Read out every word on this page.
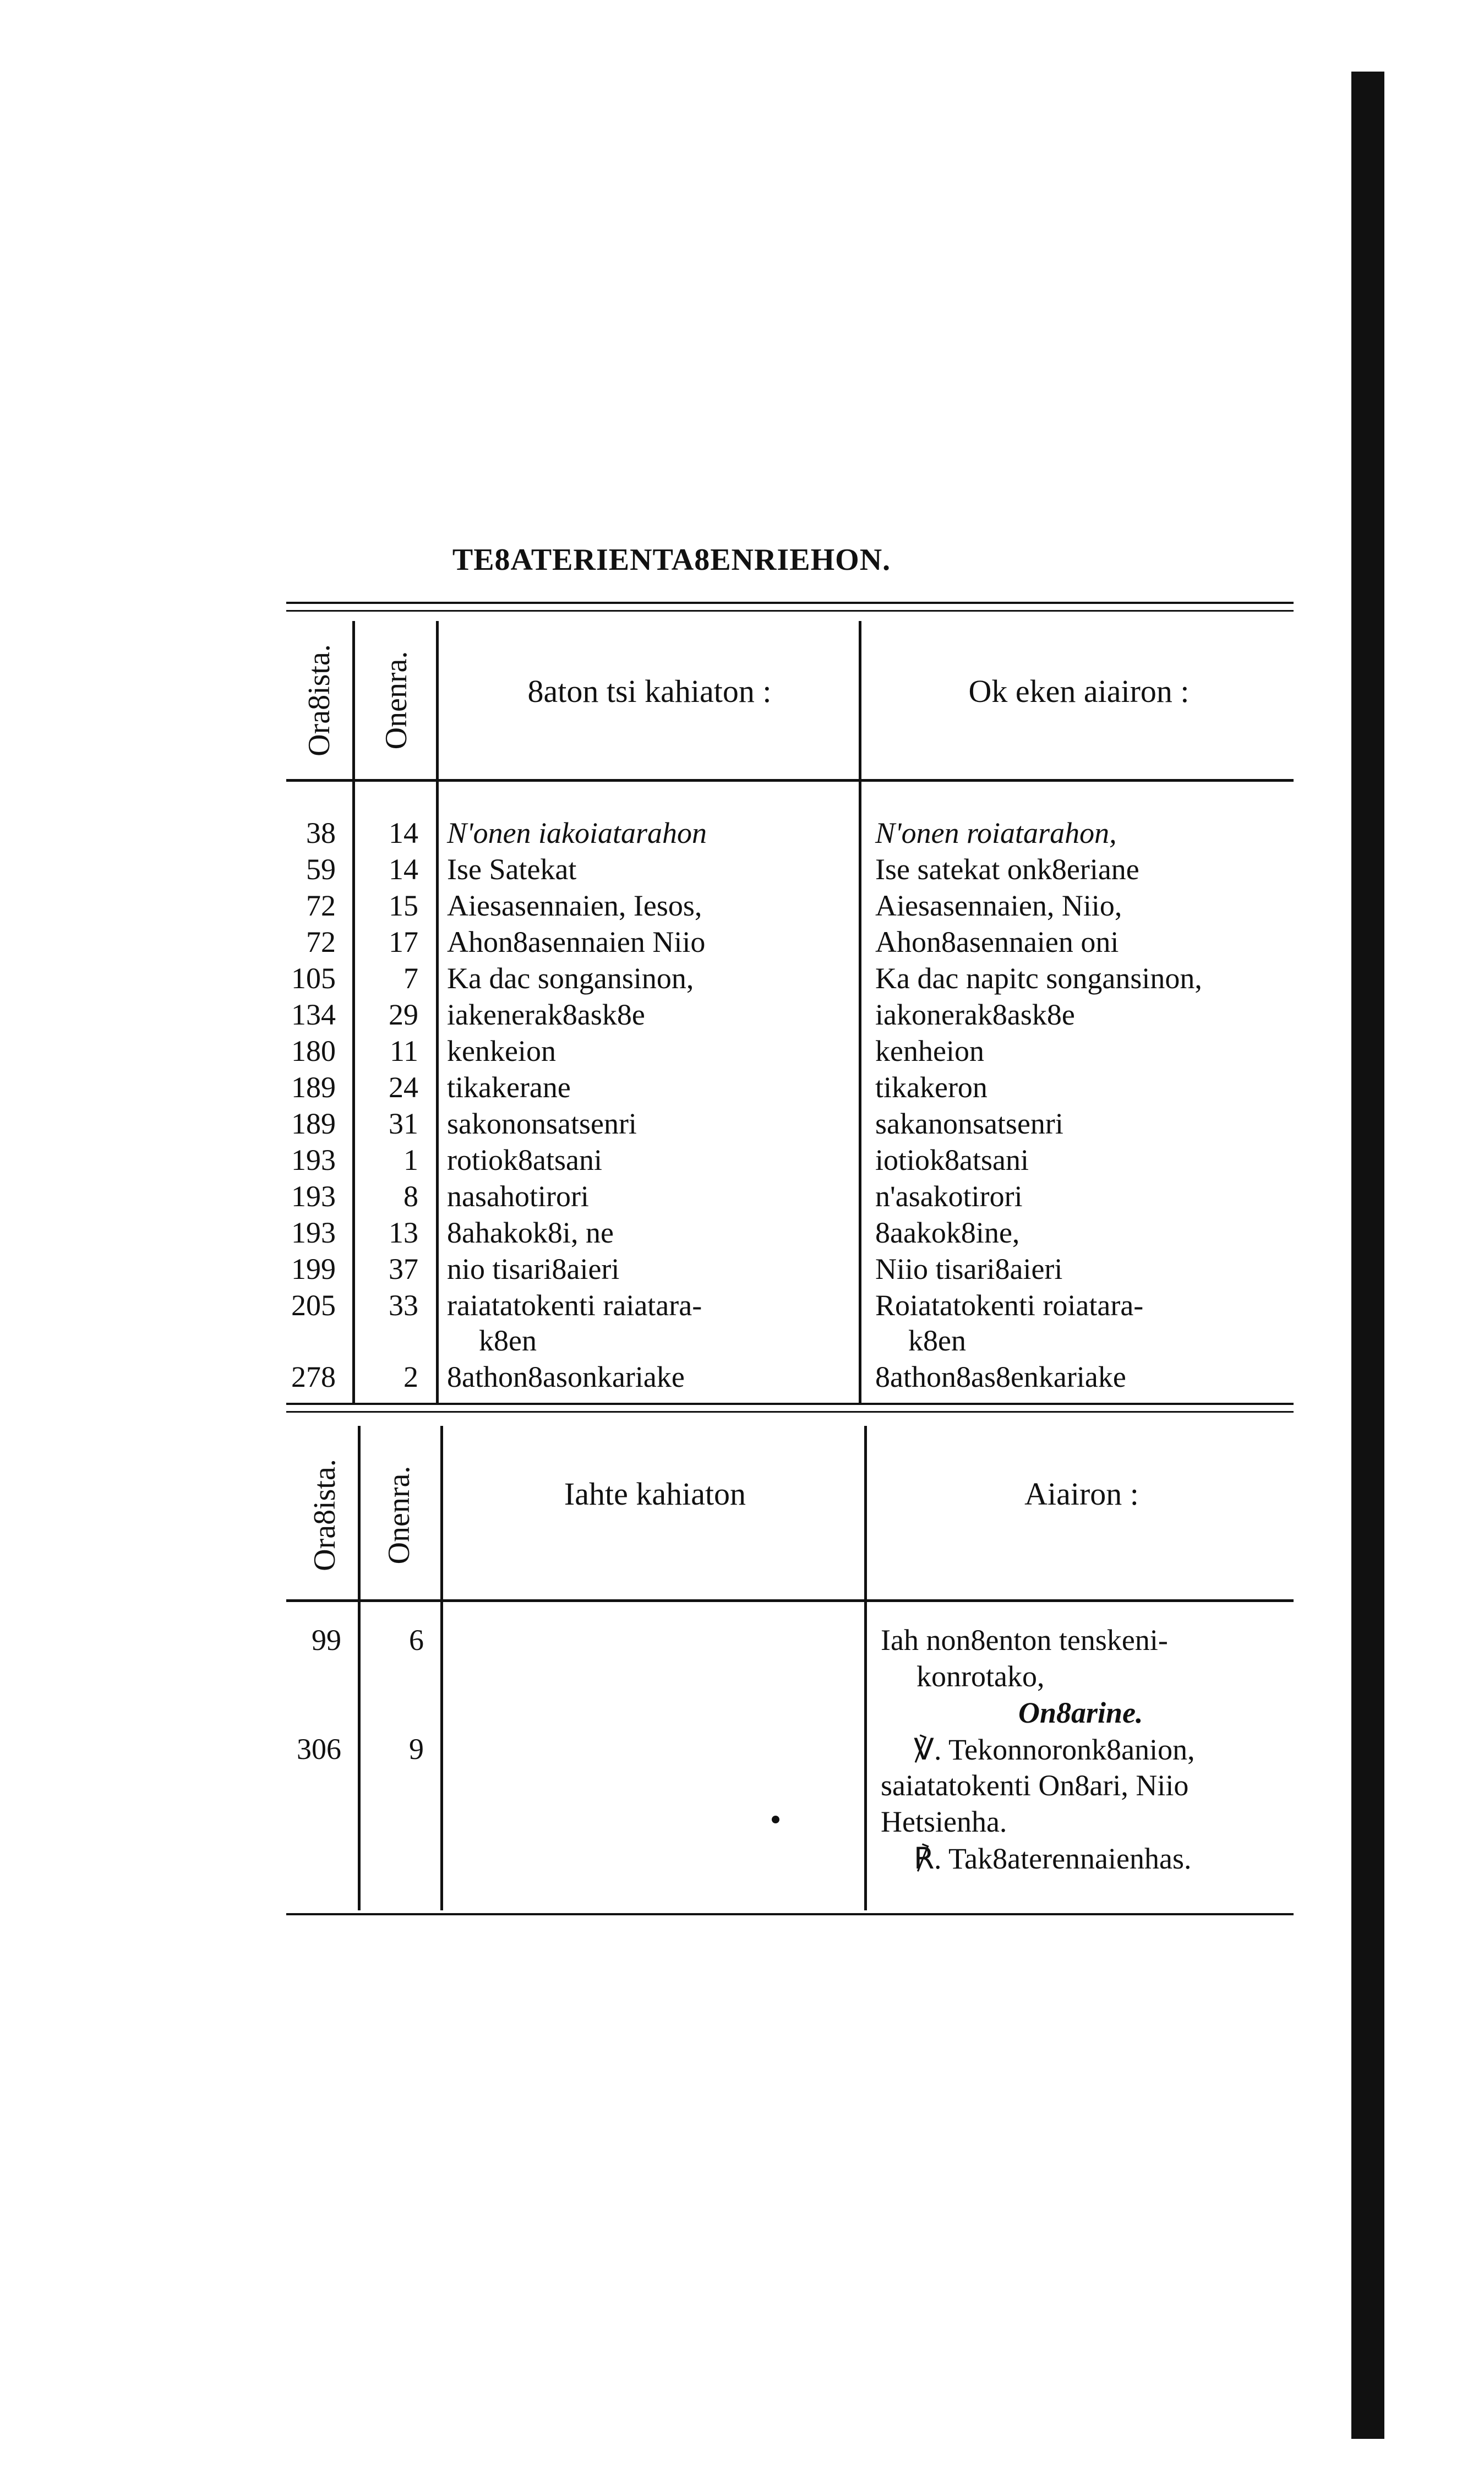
TE8ATERIENTA8ENRIEHON.
Ora8ista. Onenra.	8aton tsi kahiaton :	Ok eken aiairon :
38	14 N'onen iakoiatarahon	N'onen roiatarahon,
59	14 Ise Satekat	Ise satekat onk8eriane
72	15 Aiesasennaien, Iesos,	Aiesasennaien, Niio,
72	17 Ahon8asennaien Niio	Ahon8asennaien oni
105	7 Ka dac songansinon,	Ka dac napitc songansinon,
134	29 iakenerak8ask8e	iakonerak8ask8e
180	11 kenkeion	kenheion
189	24 tikakerane	tikakeron
189	31 sakononsatsenri	sakanonsatsenri
193	1 rotiok8atsani	iotiok8atsani
193	8 nasahotirori	n'asakotirori
193	13 8ahakok8i, ne	8aakok8ine,
199	37 nio tisari8aieri	Niio tisari8aieri
205	33 raiatatokenti raiatara-	Roiatatokenti roiatara-
k8en	k8en
278	2 8athon8asonkariake	8athon8as8enkariake
Ora8ista. Onenra.	Iahte kahiaton	Aiairon :
99	6	Iah non8enton tenskeni-
konrotako,
On8arine.
306	9	℣. Tekonnoronk8anion,
saiatatokenti On8ari, Niio
Hetsienha.
℟. Tak8aterennaienhas.
